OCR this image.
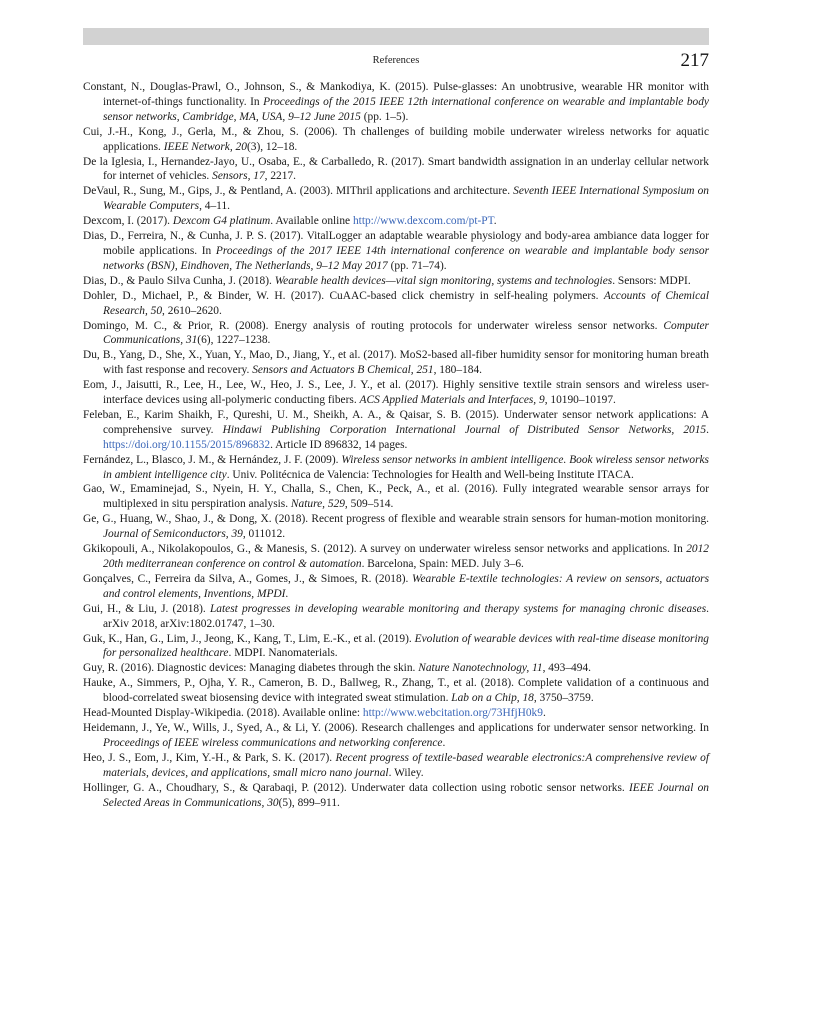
References	217
Constant, N., Douglas-Prawl, O., Johnson, S., & Mankodiya, K. (2015). Pulse-glasses: An unobtrusive, wearable HR monitor with internet-of-things functionality. In Proceedings of the 2015 IEEE 12th international conference on wearable and implantable body sensor networks, Cambridge, MA, USA, 9–12 June 2015 (pp. 1–5).
Cui, J.-H., Kong, J., Gerla, M., & Zhou, S. (2006). Th challenges of building mobile underwater wireless networks for aquatic applications. IEEE Network, 20(3), 12–18.
De la Iglesia, I., Hernandez-Jayo, U., Osaba, E., & Carballedo, R. (2017). Smart bandwidth assignation in an underlay cellular network for internet of vehicles. Sensors, 17, 2217.
DeVaul, R., Sung, M., Gips, J., & Pentland, A. (2003). MIThril applications and architecture. Seventh IEEE International Symposium on Wearable Computers, 4–11.
Dexcom, I. (2017). Dexcom G4 platinum. Available online http://www.dexcom.com/pt-PT.
Dias, D., Ferreira, N., & Cunha, J. P. S. (2017). VitalLogger an adaptable wearable physiology and body-area ambiance data logger for mobile applications. In Proceedings of the 2017 IEEE 14th international conference on wearable and implantable body sensor networks (BSN), Eindhoven, The Netherlands, 9–12 May 2017 (pp. 71–74).
Dias, D., & Paulo Silva Cunha, J. (2018). Wearable health devices—vital sign monitoring, systems and technologies. Sensors: MDPI.
Dohler, D., Michael, P., & Binder, W. H. (2017). CuAAC-based click chemistry in self-healing polymers. Accounts of Chemical Research, 50, 2610–2620.
Domingo, M. C., & Prior, R. (2008). Energy analysis of routing protocols for underwater wireless sensor networks. Computer Communications, 31(6), 1227–1238.
Du, B., Yang, D., She, X., Yuan, Y., Mao, D., Jiang, Y., et al. (2017). MoS2-based all-fiber humidity sensor for monitoring human breath with fast response and recovery. Sensors and Actuators B Chemical, 251, 180–184.
Eom, J., Jaisutti, R., Lee, H., Lee, W., Heo, J. S., Lee, J. Y., et al. (2017). Highly sensitive textile strain sensors and wireless user-interface devices using all-polymeric conducting fibers. ACS Applied Materials and Interfaces, 9, 10190–10197.
Feleban, E., Karim Shaikh, F., Qureshi, U. M., Sheikh, A. A., & Qaisar, S. B. (2015). Underwater sensor network applications: A comprehensive survey. Hindawi Publishing Corporation International Journal of Distributed Sensor Networks, 2015. https://doi.org/10.1155/2015/896832. Article ID 896832, 14 pages.
Fernández, L., Blasco, J. M., & Hernández, J. F. (2009). Wireless sensor networks in ambient intelligence. Book wireless sensor networks in ambient intelligence city. Univ. Politécnica de Valencia: Technologies for Health and Well-being Institute ITACA.
Gao, W., Emaminejad, S., Nyein, H. Y., Challa, S., Chen, K., Peck, A., et al. (2016). Fully integrated wearable sensor arrays for multiplexed in situ perspiration analysis. Nature, 529, 509–514.
Ge, G., Huang, W., Shao, J., & Dong, X. (2018). Recent progress of flexible and wearable strain sensors for human-motion monitoring. Journal of Semiconductors, 39, 011012.
Gkikopouli, A., Nikolakopoulos, G., & Manesis, S. (2012). A survey on underwater wireless sensor networks and applications. In 2012 20th mediterranean conference on control & automation. Barcelona, Spain: MED. July 3–6.
Gonçalves, C., Ferreira da Silva, A., Gomes, J., & Simoes, R. (2018). Wearable E-textile technologies: A review on sensors, actuators and control elements, Inventions, MPDI.
Gui, H., & Liu, J. (2018). Latest progresses in developing wearable monitoring and therapy systems for managing chronic diseases. arXiv 2018, arXiv:1802.01747, 1–30.
Guk, K., Han, G., Lim, J., Jeong, K., Kang, T., Lim, E.-K., et al. (2019). Evolution of wearable devices with real-time disease monitoring for personalized healthcare. MDPI. Nanomaterials.
Guy, R. (2016). Diagnostic devices: Managing diabetes through the skin. Nature Nanotechnology, 11, 493–494.
Hauke, A., Simmers, P., Ojha, Y. R., Cameron, B. D., Ballweg, R., Zhang, T., et al. (2018). Complete validation of a continuous and blood-correlated sweat biosensing device with integrated sweat stimulation. Lab on a Chip, 18, 3750–3759.
Head-Mounted Display-Wikipedia. (2018). Available online: http://www.webcitation.org/73HfjH0k9.
Heidemann, J., Ye, W., Wills, J., Syed, A., & Li, Y. (2006). Research challenges and applications for underwater sensor networking. In Proceedings of IEEE wireless communications and networking conference.
Heo, J. S., Eom, J., Kim, Y.-H., & Park, S. K. (2017). Recent progress of textile-based wearable electronics:A comprehensive review of materials, devices, and applications, small micro nano journal. Wiley.
Hollinger, G. A., Choudhary, S., & Qarabaqi, P. (2012). Underwater data collection using robotic sensor networks. IEEE Journal on Selected Areas in Communications, 30(5), 899–911.
